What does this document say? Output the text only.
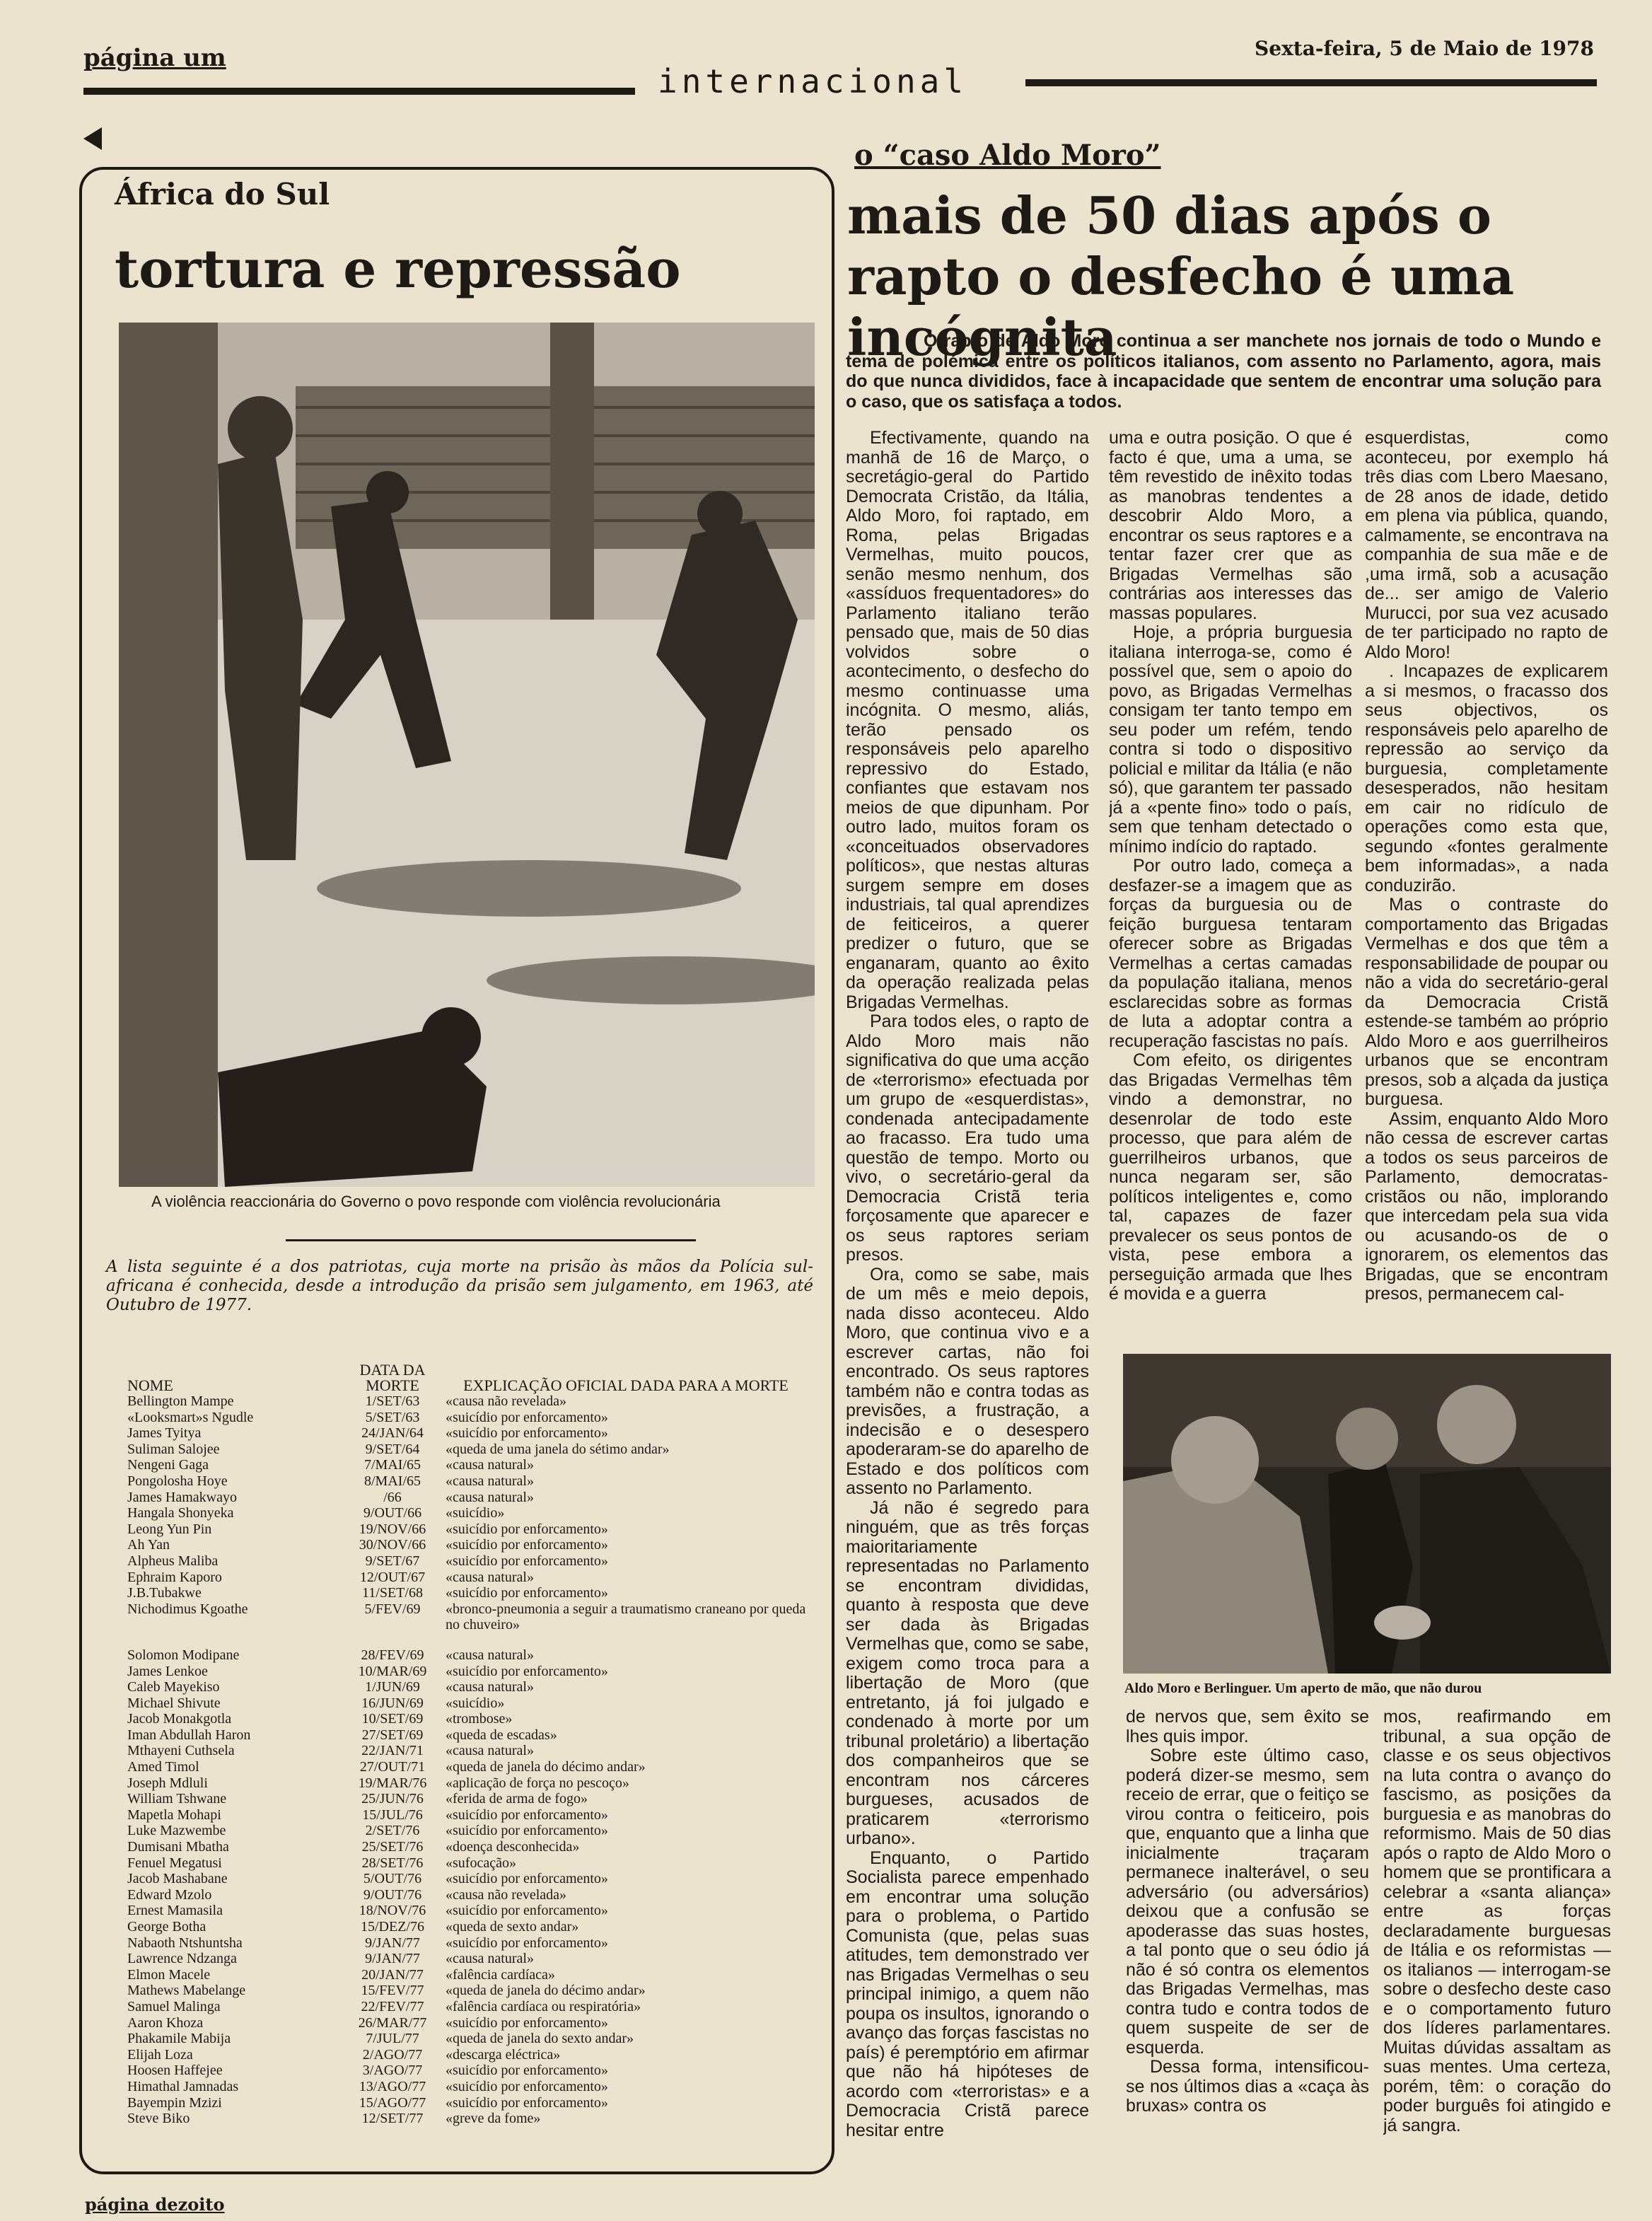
página um
internacional
Sexta-feira, 5 de Maio de 1978
África do Sul
tortura e repressão
A violência reaccionária do Governo o povo responde com violência revolucionária
A lista seguinte é a dos patriotas, cuja morte na prisão às mãos da Polícia sul-africana é conhecida, desde a introdução da prisão sem julgamento, em 1963, até Outubro de 1977.
NOME	DATA DA MORTE	EXPLICAÇÃO OFICIAL DADA PARA A MORTE
Bellington Mampe	1/SET/63	«causa não revelada»
«Looksmart»s Ngudle	5/SET/63	«suicídio por enforcamento»
James Tyitya	24/JAN/64	«suicídio por enforcamento»
Suliman Salojee	9/SET/64	«queda de uma janela do sétimo andar»
Nengeni Gaga	7/MAI/65	«causa natural»
Pongolosha Hoye	8/MAI/65	«causa natural»
James Hamakwayo	/66	«causa natural»
Hangala Shonyeka	9/OUT/66	«suicídio»
Leong Yun Pin	19/NOV/66	«suicídio por enforcamento»
Ah Yan	30/NOV/66	«suicídio por enforcamento»
Alpheus Maliba	9/SET/67	«suicídio por enforcamento»
Ephraim Kaporo	12/OUT/67	«causa natural»
J.B.Tubakwe	11/SET/68	«suicídio por enforcamento»
Nichodimus Kgoathe	5/FEV/69	«bronco-pneumonia a seguir a traumatismo craneano por queda no chuveiro»

Solomon Modipane	28/FEV/69	«causa natural»
James Lenkoe	10/MAR/69	«suicídio por enforcamento»
Caleb Mayekiso	1/JUN/69	«causa natural»
Michael Shivute	16/JUN/69	«suicídio»
Jacob Monakgotla	10/SET/69	«trombose»
Iman Abdullah Haron	27/SET/69	«queda de escadas»
Mthayeni Cuthsela	22/JAN/71	«causa natural»
Amed Timol	27/OUT/71	«queda de janela do décimo andar»
Joseph Mdluli	19/MAR/76	«aplicação de força no pescoço»
William Tshwane	25/JUN/76	«ferida de arma de fogo»
Mapetla Mohapi	15/JUL/76	«suicídio por enforcamento»
Luke Mazwembe	2/SET/76	«suicídio por enforcamento»
Dumisani Mbatha	25/SET/76	«doença desconhecida»
Fenuel Megatusi	28/SET/76	«sufocação»
Jacob Mashabane	5/OUT/76	«suicídio por enforcamento»
Edward Mzolo	9/OUT/76	«causa não revelada»
Ernest Mamasila	18/NOV/76	«suicídio por enforcamento»
George Botha	15/DEZ/76	«queda de sexto andar»
Nabaoth Ntshuntsha	9/JAN/77	«suicídio por enforcamento»
Lawrence Ndzanga	9/JAN/77	«causa natural»
Elmon Macele	20/JAN/77	«falência cardíaca»
Mathews Mabelange	15/FEV/77	«queda de janela do décimo andar»
Samuel Malinga	22/FEV/77	«falência cardíaca ou respiratória»
Aaron Khoza	26/MAR/77	«suicídio por enforcamento»
Phakamile Mabija	7/JUL/77	«queda de janela do sexto andar»
Elijah Loza	2/AGO/77	«descarga eléctrica»
Hoosen Haffejee	3/AGO/77	«suicídio por enforcamento»
Himathal Jamnadas	13/AGO/77	«suicídio por enforcamento»
Bayempin Mzizi	15/AGO/77	«suicídio por enforcamento»
Steve Biko	12/SET/77	«greve da fome»
o “caso Aldo Moro”
mais de 50 dias após o rapto o desfecho é uma incógnita
O rapto de Aldo Moro continua a ser manchete nos jornais de todo o Mundo e tema de polémica entre os políticos italianos, com assento no Parlamento, agora, mais do que nunca divididos, face à incapacidade que sentem de encontrar uma solução para o caso, que os satisfaça a todos.

Efectivamente, quando na manhã de 16 de Março, o secretágio-geral do Partido Democrata Cristão, da Itália, Aldo Moro, foi raptado, em Roma, pelas Brigadas Vermelhas, muito poucos, senão mesmo nenhum, dos «assíduos frequentadores» do Parlamento italiano terão pensado que, mais de 50 dias volvidos sobre o acontecimento, o desfecho do mesmo continuasse uma incógnita. O mesmo, aliás, terão pensado os responsáveis pelo aparelho repressivo do Estado, confiantes que estavam nos meios de que dipunham. Por outro lado, muitos foram os «conceituados observadores políticos», que nestas alturas surgem sempre em doses industriais, tal qual aprendizes de feiticeiros, a querer predizer o futuro, que se enganaram, quanto ao êxito da operação realizada pelas Brigadas Vermelhas.

Para todos eles, o rapto de Aldo Moro mais não significativa do que uma acção de «terrorismo» efectuada por um grupo de «esquerdistas», condenada antecipadamente ao fracasso. Era tudo uma questão de tempo. Morto ou vivo, o secretário-geral da Democracia Cristã teria forçosamente que aparecer e os seus raptores seriam presos.

Ora, como se sabe, mais de um mês e meio depois, nada disso aconteceu. Aldo Moro, que continua vivo e a escrever cartas, não foi encontrado. Os seus raptores também não e contra todas as previsões, a frustração, a indecisão e o desespero apoderaram-se do aparelho de Estado e dos políticos com assento no Parlamento.

Já não é segredo para ninguém, que as três forças maioritariamente representadas no Parlamento se encontram divididas, quanto à resposta que deve ser dada às Brigadas Vermelhas que, como se sabe, exigem como troca para a libertação de Moro (que entretanto, já foi julgado e condenado à morte por um tribunal proletário) a libertação dos companheiros que se encontram nos cárceres burgueses, acusados de praticarem «terrorismo urbano».

Enquanto, o Partido Socialista parece empenhado em encontrar uma solução para o problema, o Partido Comunista (que, pelas suas atitudes, tem demonstrado ver nas Brigadas Vermelhas o seu principal inimigo, a quem não poupa os insultos, ignorando o avanço das forças fascistas no país) é peremptório em afirmar que não há hipóteses de acordo com «terroristas» e a Democracia Cristã parece hesitar entre

uma e outra posição. O que é facto é que, uma a uma, se têm revestido de inêxito todas as manobras tendentes a descobrir Aldo Moro, a encontrar os seus raptores e a tentar fazer crer que as Brigadas Vermelhas são contrárias aos interesses das massas populares.

Hoje, a própria burguesia italiana interroga-se, como é possível que, sem o apoio do povo, as Brigadas Vermelhas consigam ter tanto tempo em seu poder um refém, tendo contra si todo o dispositivo policial e militar da Itália (e não só), que garantem ter passado já a «pente fino» todo o país, sem que tenham detectado o mínimo indício do raptado.

Por outro lado, começa a desfazer-se a imagem que as forças da burguesia ou de feição burguesa tentaram oferecer sobre as Brigadas Vermelhas a certas camadas da população italiana, menos esclarecidas sobre as formas de luta a adoptar contra a recuperação fascistas no país.

Com efeito, os dirigentes das Brigadas Vermelhas têm vindo a demonstrar, no desenrolar de todo este processo, que para além de guerrilheiros urbanos, que nunca negaram ser, são políticos inteligentes e, como tal, capazes de fazer prevalecer os seus pontos de vista, pese embora a perseguição armada que lhes é movida e a guerra

esquerdistas, como aconteceu, por exemplo há três dias com Lbero Maesano, de 28 anos de idade, detido em plena via pública, quando, calmamente, se encontrava na companhia de sua mãe e de ,uma irmã, sob a acusação de... ser amigo de Valerio Murucci, por sua vez acusado de ter participado no rapto de Aldo Moro!

. Incapazes de explicarem a si mesmos, o fracasso dos seus objectivos, os responsáveis pelo aparelho de repressão ao serviço da burguesia, completamente desesperados, não hesitam em cair no ridículo de operações como esta que, segundo «fontes geralmente bem informadas», a nada conduzirão.

Mas o contraste do comportamento das Brigadas Vermelhas e dos que têm a responsabilidade de poupar ou não a vida do secretário-geral da Democracia Cristã estende-se também ao próprio Aldo Moro e aos guerrilheiros urbanos que se encontram presos, sob a alçada da justiça burguesa.

Assim, enquanto Aldo Moro não cessa de escrever cartas a todos os seus parceiros de Parlamento, democratas-cristãos ou não, implorando que intercedam pela sua vida ou acusando-os de o ignorarem, os elementos das Brigadas, que se encontram presos, permanecem cal-

Aldo Moro e Berlinguer. Um aperto de mão, que não durou

de nervos que, sem êxito se lhes quis impor.

Sobre este último caso, poderá dizer-se mesmo, sem receio de errar, que o feitiço se virou contra o feiticeiro, pois que, enquanto que a linha que inicialmente traçaram permanece inalterável, o seu adversário (ou adversários) deixou que a confusão se apoderasse das suas hostes, a tal ponto que o seu ódio já não é só contra os elementos das Brigadas Vermelhas, mas contra tudo e contra todos de quem suspeite de ser de esquerda.

Dessa forma, intensificou-se nos últimos dias a «caça às bruxas» contra os

mos, reafirmando em tribunal, a sua opção de classe e os seus objectivos na luta contra o avanço do fascismo, as posições da burguesia e as manobras do reformismo. Mais de 50 dias após o rapto de Aldo Moro o homem que se prontificara a celebrar a «santa aliança» entre as forças declaradamente burguesas de Itália e os reformistas — os italianos — interrogam-se sobre o desfecho deste caso e o comportamento futuro dos líderes parlamentares. Muitas dúvidas assaltam as suas mentes. Uma certeza, porém, têm: o coração do poder burguês foi atingido e já sangra.

página dezoito
